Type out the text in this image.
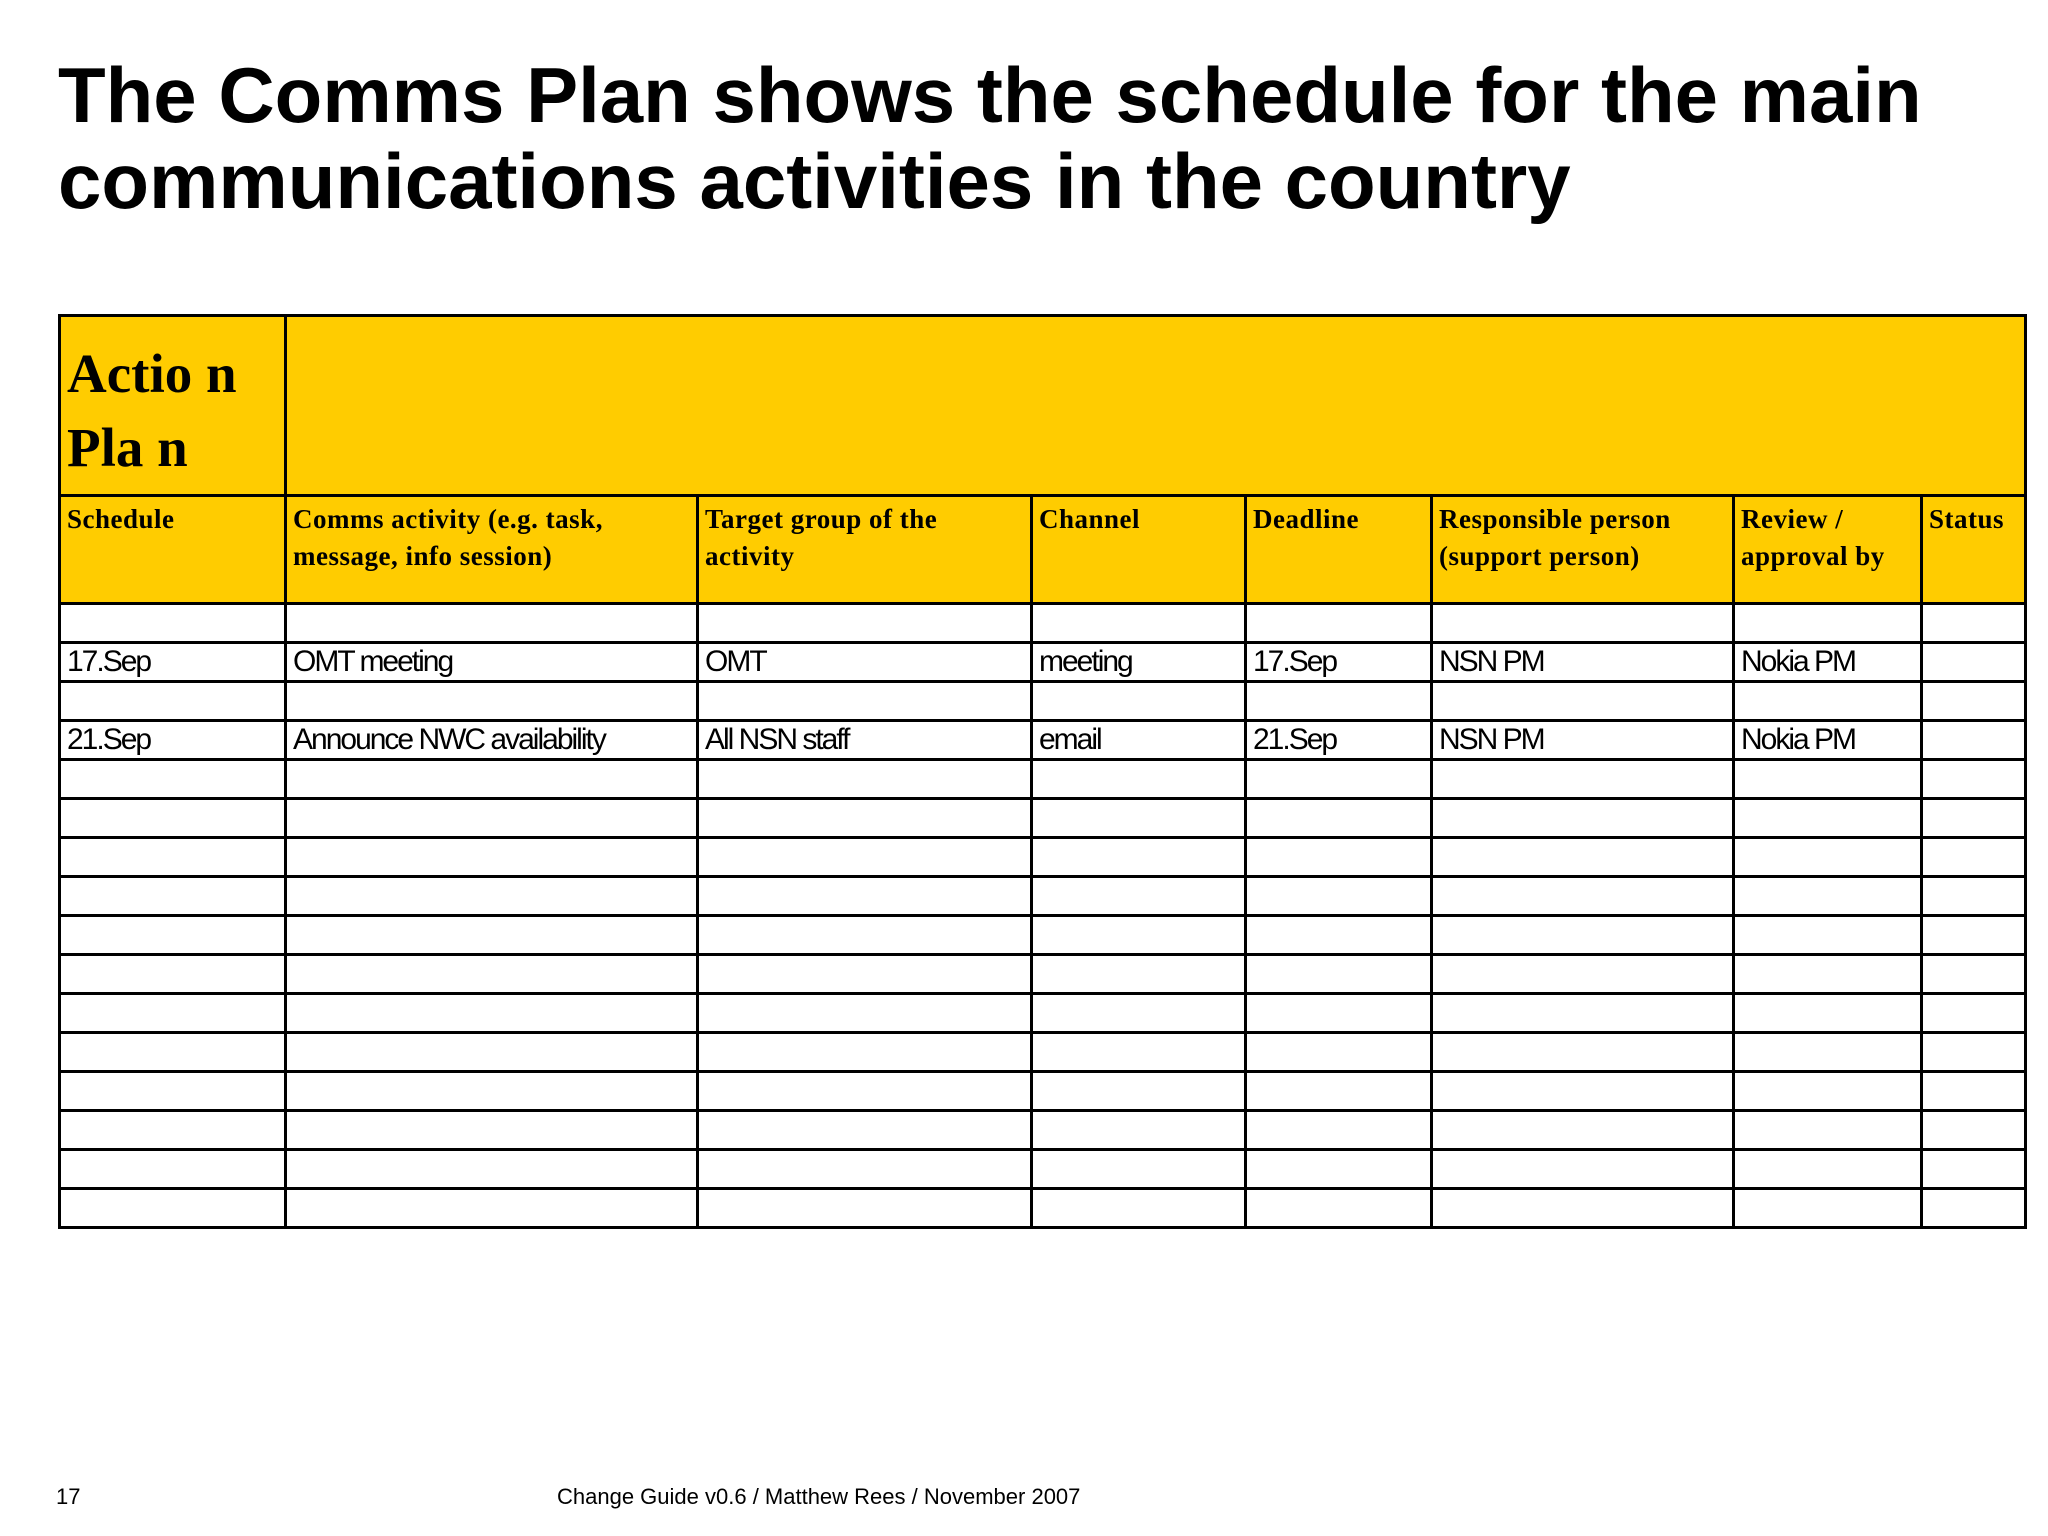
The Comms Plan shows the schedule for the main communications activities in the country
Actio n Pla n							
Schedule	Comms activity (e.g. task, message, info session)	Target group of the activity	Channel	Deadline	Responsible person (support person)	Review / approval by	Status

17.Sep	OMT meeting	OMT	meeting	17.Sep	NSN PM	Nokia PM	

21.Sep	Announce NWC availability	All NSN staff	email	21.Sep	NSN PM	Nokia PM	

17	Change Guide v0.6 / Matthew Rees / November 2007
